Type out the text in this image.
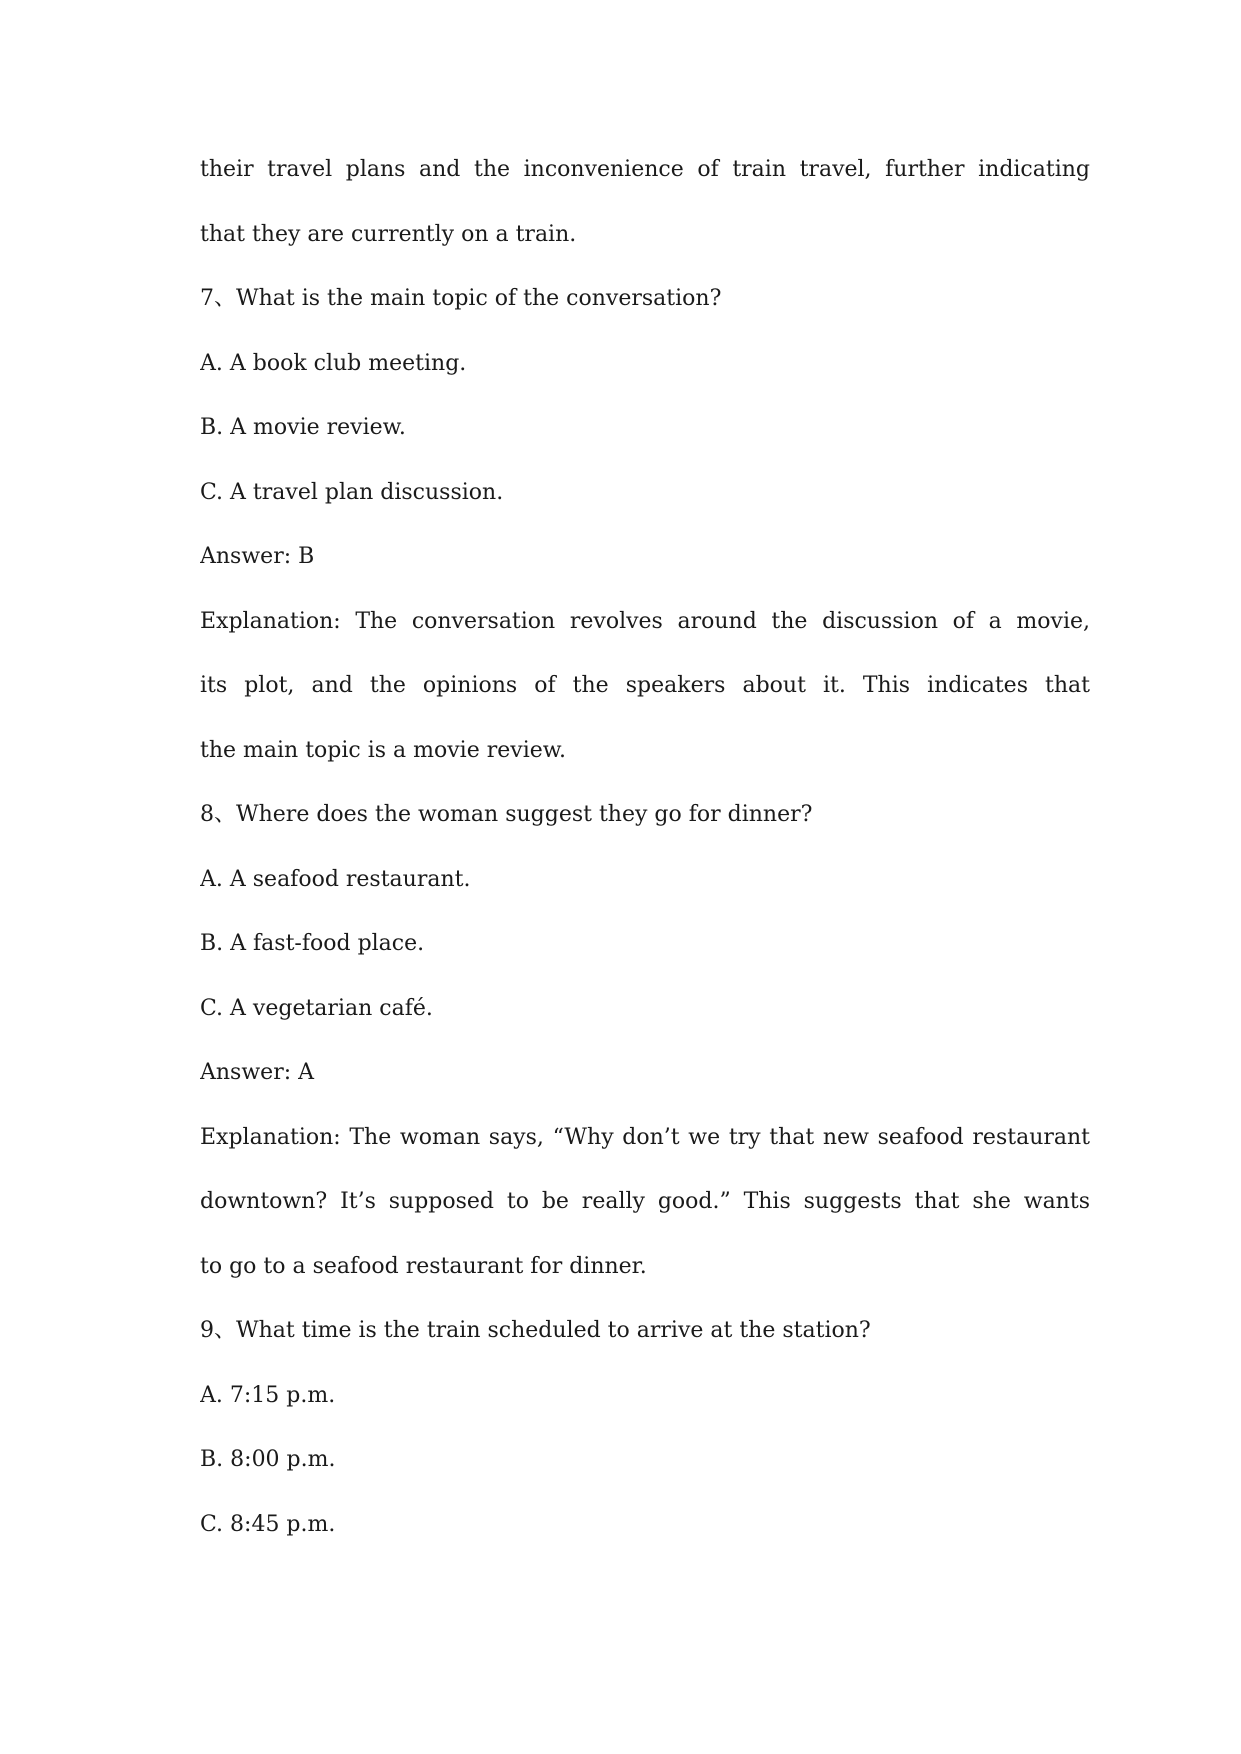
their travel plans and the inconvenience of train travel, further indicating

that they are currently on a train.

7、What is the main topic of the conversation?

A. A book club meeting.

B. A movie review.

C. A travel plan discussion.

Answer: B

Explanation: The conversation revolves around the discussion of a movie,

its plot, and the opinions of the speakers about it. This indicates that

the main topic is a movie review.

8、Where does the woman suggest they go for dinner?

A. A seafood restaurant.

B. A fast-food place.

C. A vegetarian café.

Answer: A

Explanation: The woman says, “Why don’t we try that new seafood restaurant

downtown? It’s supposed to be really good.” This suggests that she wants

to go to a seafood restaurant for dinner.

9、What time is the train scheduled to arrive at the station?

A. 7:15 p.m.

B. 8:00 p.m.

C. 8:45 p.m.
